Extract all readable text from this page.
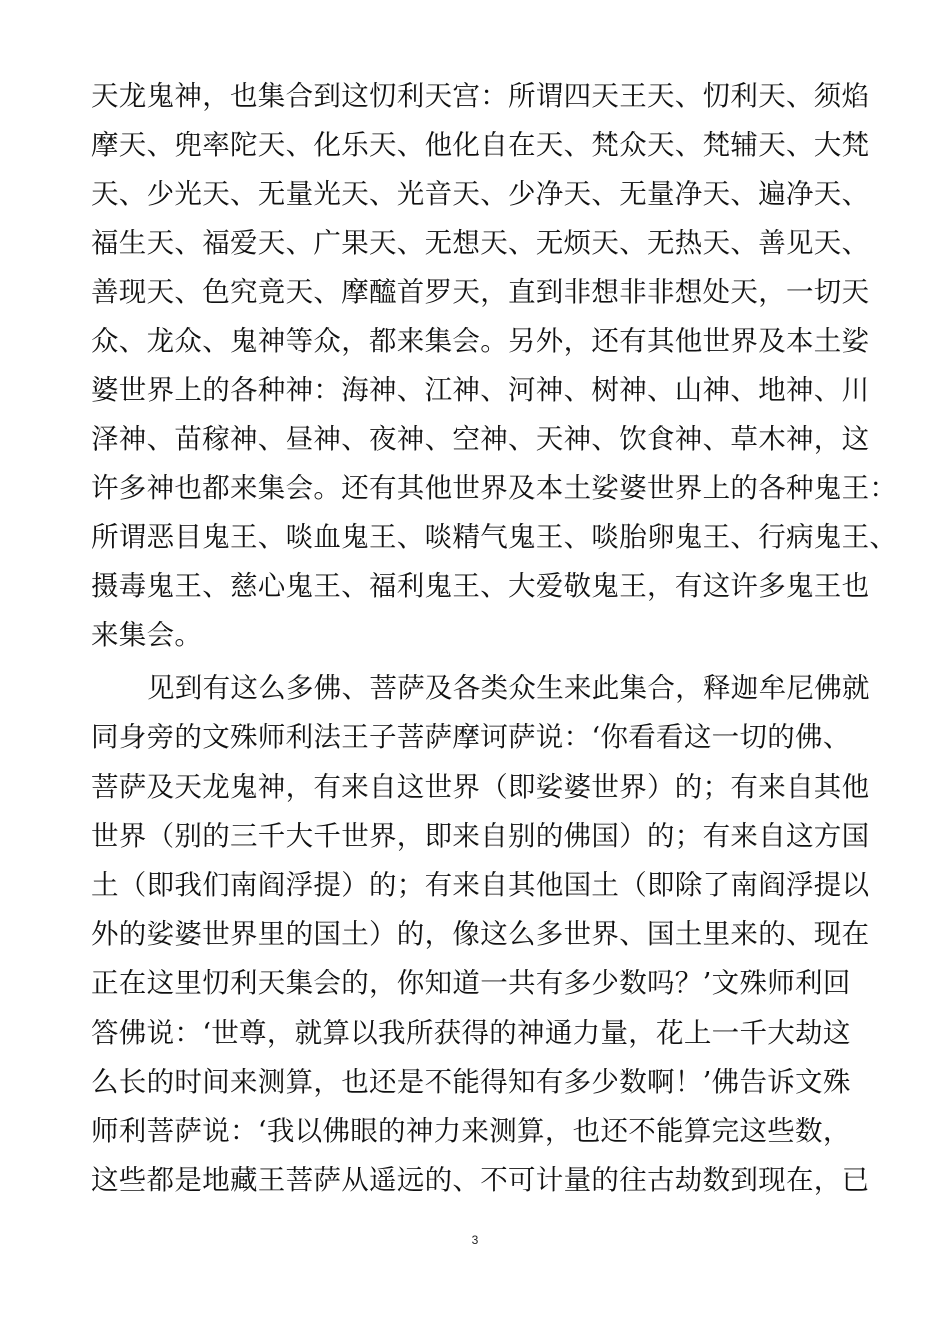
天龙鬼神，也集合到这忉利天宫：所谓四天王天、忉利天、须焰
摩天、兜率陀天、化乐天、他化自在天、梵众天、梵辅天、大梵
天、少光天、无量光天、光音天、少净天、无量净天、遍净天、
福生天、福爱天、广果天、无想天、无烦天、无热天、善见天、
善现天、色究竟天、摩醯首罗天，直到非想非非想处天，一切天
众、龙众、鬼神等众，都来集会。另外，还有其他世界及本土娑
婆世界上的各种神：海神、江神、河神、树神、山神、地神、川
泽神、苗稼神、昼神、夜神、空神、天神、饮食神、草木神，这
许多神也都来集会。还有其他世界及本土娑婆世界上的各种鬼王：
所谓恶目鬼王、啖血鬼王、啖精气鬼王、啖胎卵鬼王、行病鬼王、
摄毒鬼王、慈心鬼王、福利鬼王、大爱敬鬼王，有这许多鬼王也
来集会。
见到有这么多佛、菩萨及各类众生来此集合，释迦牟尼佛就
同身旁的文殊师利法王子菩萨摩诃萨说：‘你看看这一切的佛、
菩萨及天龙鬼神，有来自这世界（即娑婆世界）的；有来自其他
世界（别的三千大千世界，即来自别的佛国）的；有来自这方国
土（即我们南阎浮提）的；有来自其他国土（即除了南阎浮提以
外的娑婆世界里的国土）的，像这么多世界、国土里来的、现在
正在这里忉利天集会的，你知道一共有多少数吗？’文殊师利回
答佛说：‘世尊，就算以我所获得的神通力量，花上一千大劫这
么长的时间来测算，也还是不能得知有多少数啊！’佛告诉文殊
师利菩萨说：‘我以佛眼的神力来测算，也还不能算完这些数，
这些都是地藏王菩萨从遥远的、不可计量的往古劫数到现在，已
3
